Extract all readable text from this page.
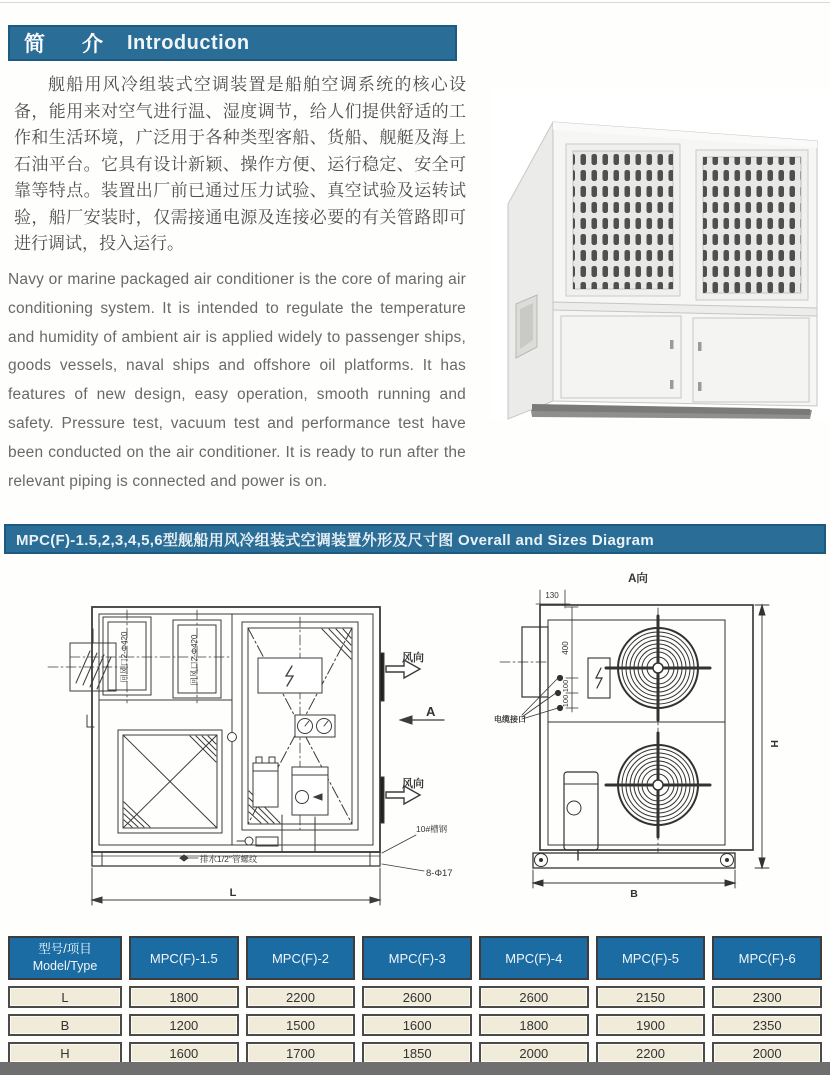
简　介 Introduction
舰船用风冷组装式空调装置是船舶空调系统的核心设备，能用来对空气进行温、湿度调节，给人们提供舒适的工作和生活环境，广泛用于各种类型客船、货船、舰艇及海上石油平台。它具有设计新颖、操作方便、运行稳定、安全可靠等特点。装置出厂前已通过压力试验、真空试验及运转试验，船厂安装时，仅需接通电源及连接必要的有关管路即可进行调试，投入运行。
Navy or marine packaged air conditioner is the core of maring air conditioning system. It is intended to regulate the temperature and humidity of ambient air is applied widely to passenger ships, goods vessels, naval ships and offshore oil platforms. It has features of new design, easy operation, smooth running and safety. Pressure test, vacuum test and performance test have been conducted on the air conditioner. It is ready to run after the relevant piping is connected and power is on.
MPC(F)-1.5,2,3,4,5,6型舰船用风冷组装式空调装置外形及尺寸图 Overall and Sizes Diagram
回风口2-Φ420	回风口2-Φ420	风向
风向
A
L
8-Φ17
排水1/2″管螺纹
10#槽钢
A向
130
400
100
100
电缆接口
H
B
型号/项目
Model/Type
MPC(F)-1.5	MPC(F)-2	MPC(F)-3	MPC(F)-4	MPC(F)-5	MPC(F)-6
L	1800	2200	2600	2600	2150	2300
B	1200	1500	1600	1800	1900	2350
H	1600	1700	1850	2000	2200	2000
